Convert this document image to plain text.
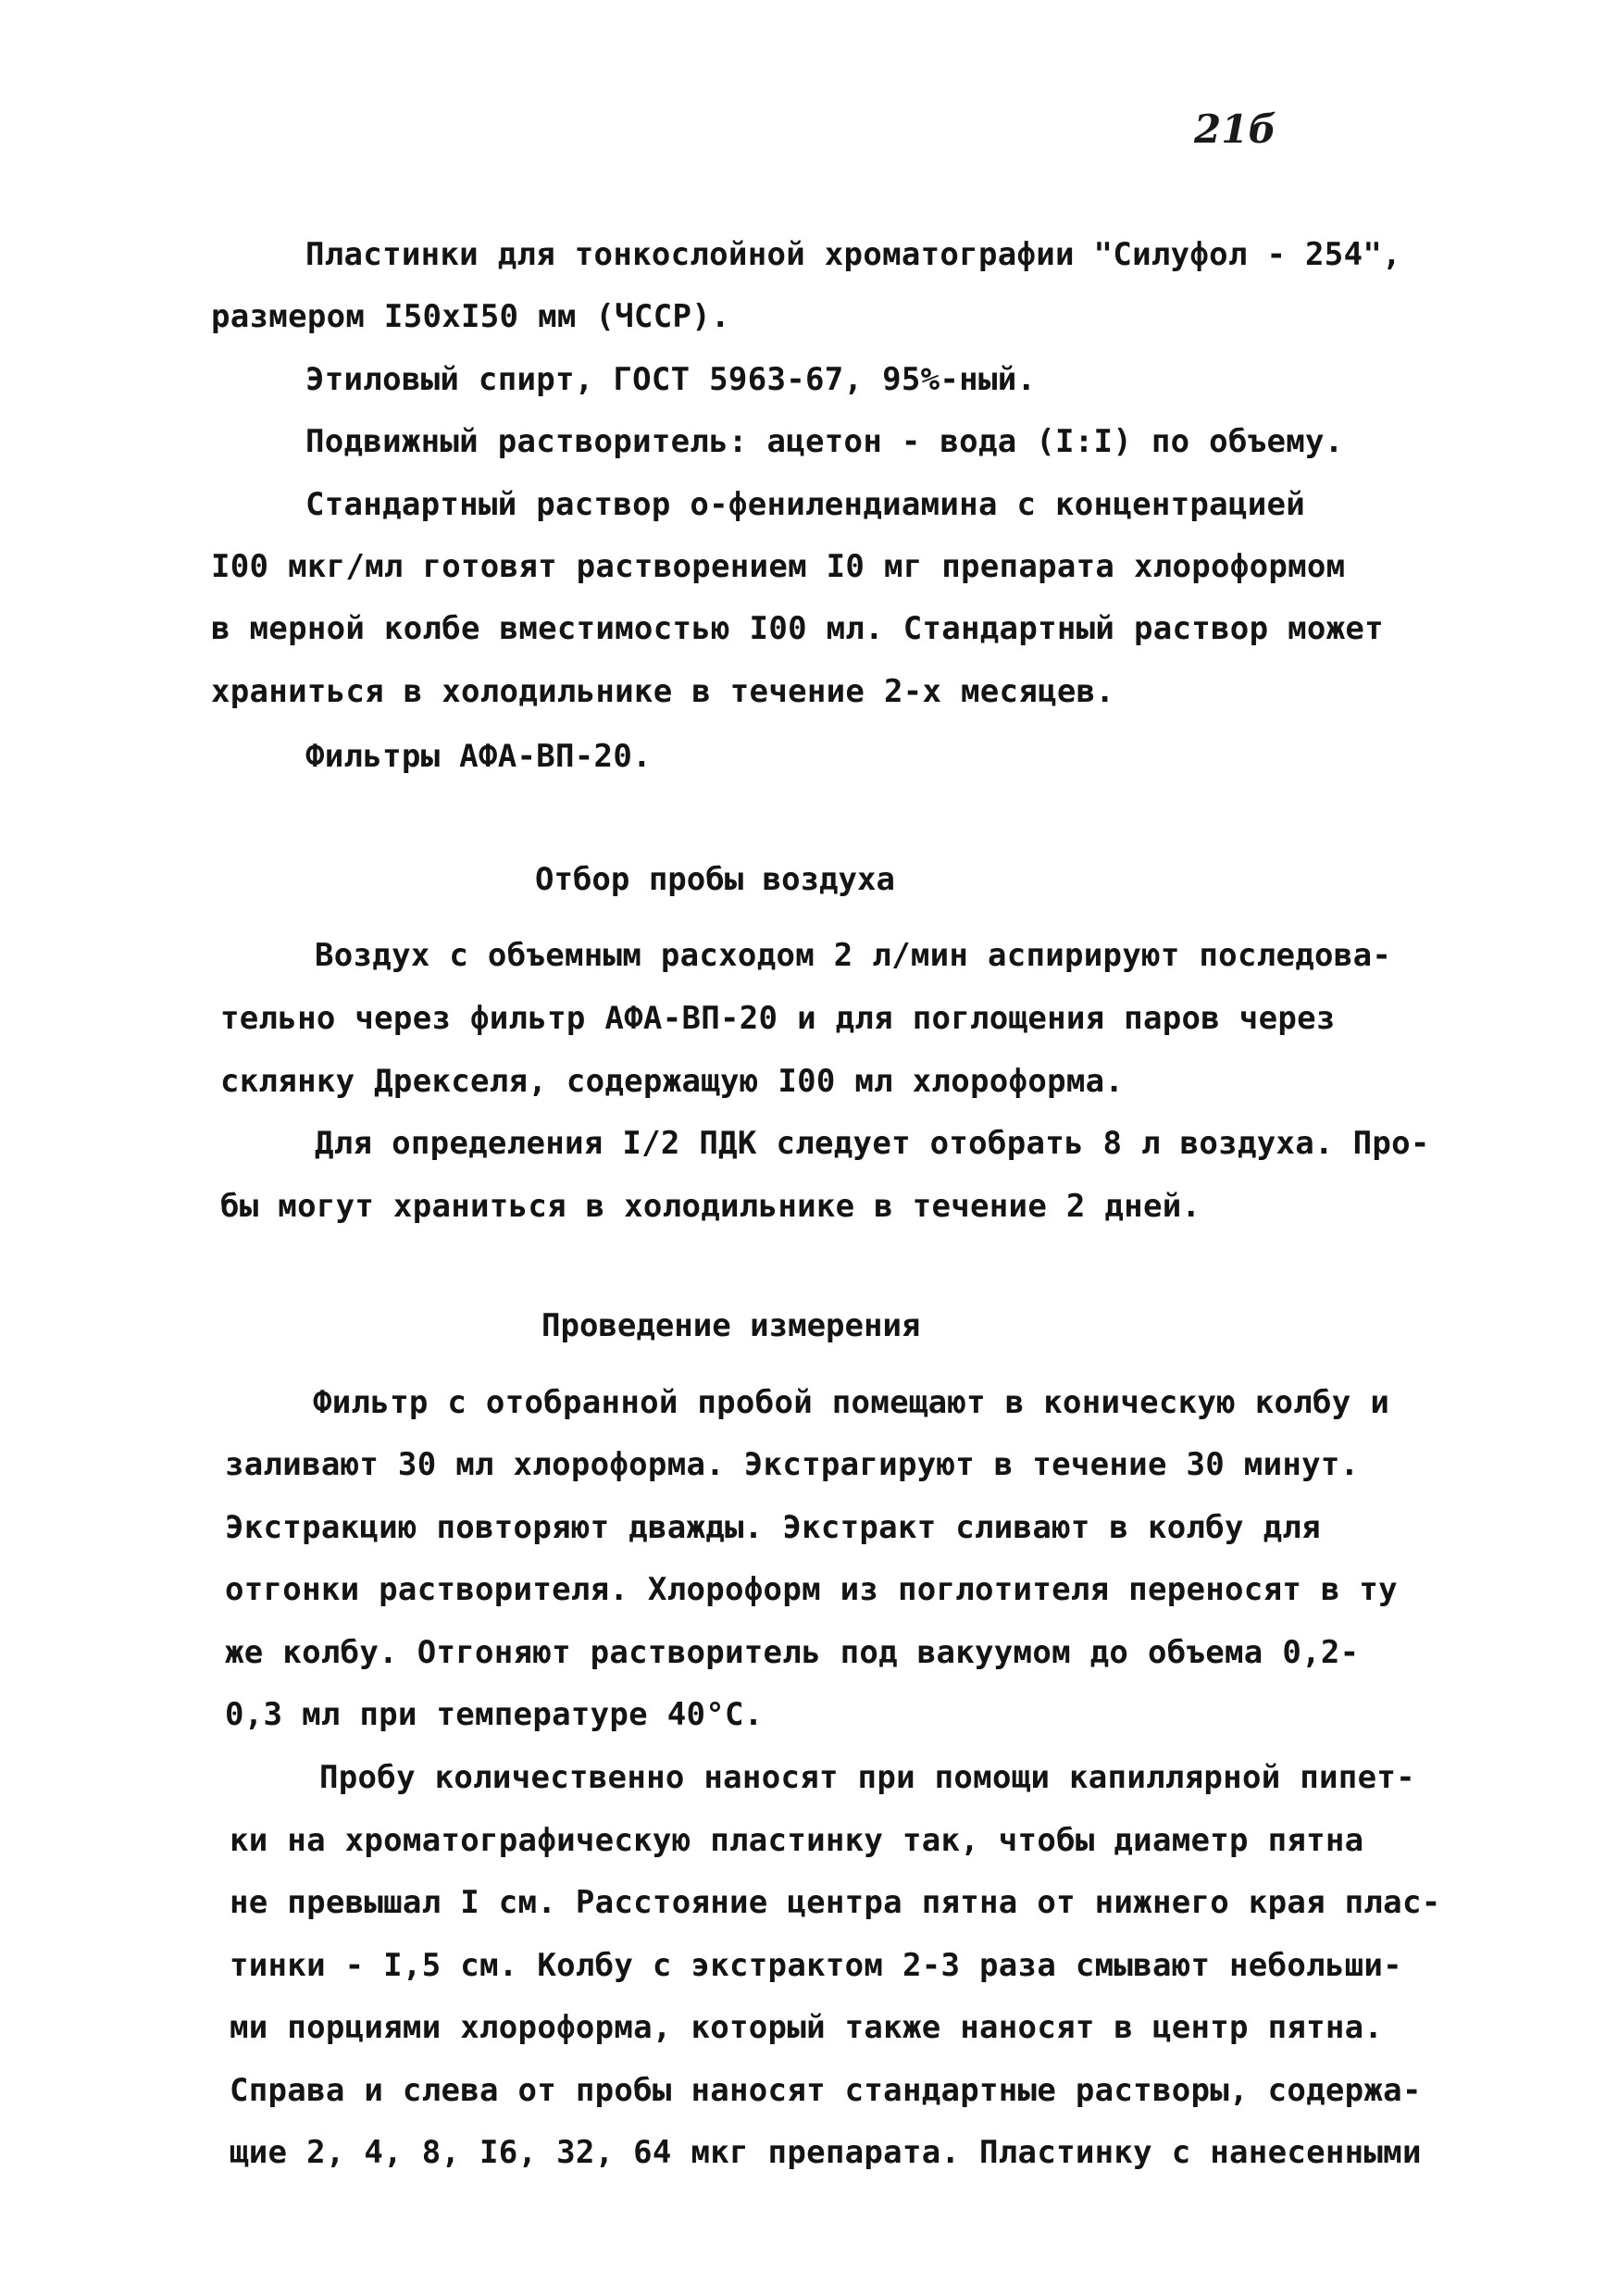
21б
Пластинки для тонкослойной хроматографии "Силуфол - 254",
размером I50xI50 мм (ЧССР).
Этиловый спирт, ГОСТ 5963-67, 95%-ный.
Подвижный растворитель: ацетон - вода (I:I) по объему.
Стандартный раствор о-фенилендиамина с концентрацией
I00 мкг/мл готовят растворением I0 мг препарата хлороформом
в мерной колбе вместимостью I00 мл. Стандартный раствор может
храниться в холодильнике в течение 2-х месяцев.
Фильтры АФА-ВП-20.
Отбор пробы воздуха
Воздух с объемным расходом 2 л/мин аспирируют последова-
тельно через фильтр АФА-ВП-20 и для поглощения паров через
склянку Дрекселя, содержащую I00 мл хлороформа.
Для определения I/2 ПДК следует отобрать 8 л воздуха. Про-
бы могут храниться в холодильнике в течение 2 дней.
Проведение измерения
Фильтр с отобранной пробой помещают в коническую колбу и
заливают 30 мл хлороформа. Экстрагируют в течение 30 минут.
Экстракцию повторяют дважды. Экстракт сливают в колбу для
отгонки растворителя. Хлороформ из поглотителя переносят в ту
же колбу. Отгоняют растворитель под вакуумом до объема 0,2-
0,3 мл при температуре 40°С.
Пробу количественно наносят при помощи капиллярной пипет-
ки на хроматографическую пластинку так, чтобы диаметр пятна
не превышал I см. Расстояние центра пятна от нижнего края плас-
тинки - I,5 см. Колбу с экстрактом 2-3 раза смывают небольши-
ми порциями хлороформа, который также наносят в центр пятна.
Справа и слева от пробы наносят стандартные растворы, содержа-
щие 2, 4, 8, I6, 32, 64 мкг препарата. Пластинку с нанесенными
